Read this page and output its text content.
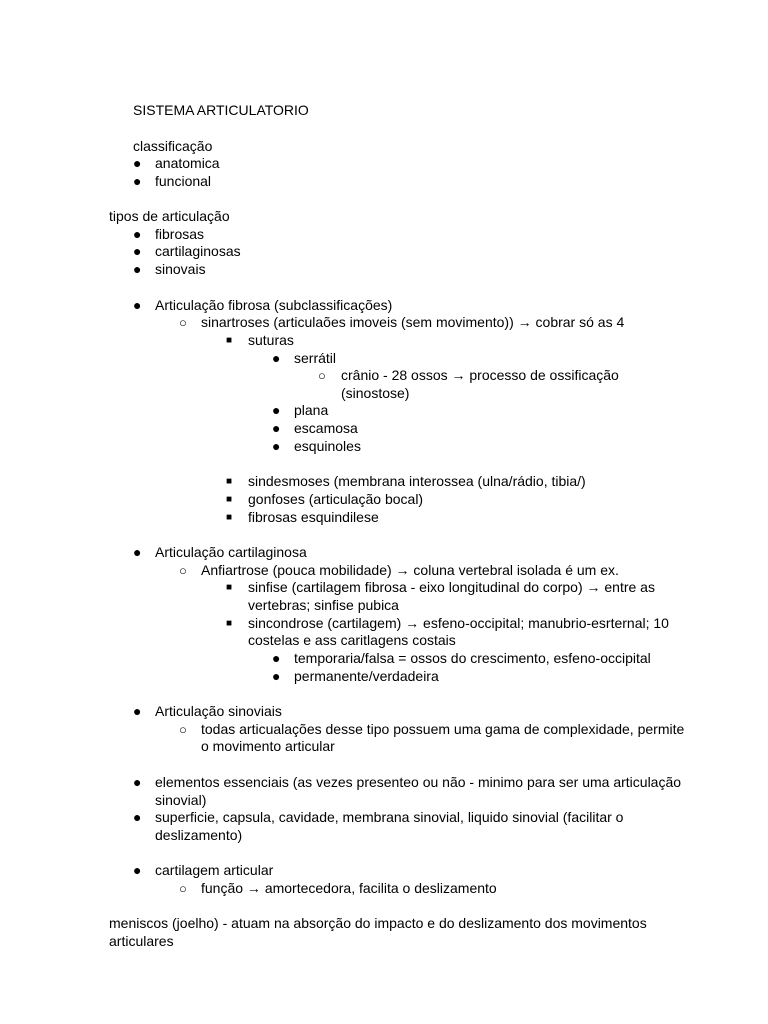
SISTEMA ARTICULATORIO
classificação
● anatomica
● funcional
tipos de articulação
● fibrosas
● cartilaginosas
● sinovais
● Articulação fibrosa (subclassificações)
○ sinartroses (articulaões imoveis (sem movimento)) → cobrar só as 4
■ suturas
● serrátil
○ crânio - 28 ossos → processo de ossificação
(sinostose)
● plana
● escamosa
● esquinoles
■ sindesmoses (membrana interossea (ulna/rádio, tibia/)
■ gonfoses (articulação bocal)
■ fibrosas esquindilese
● Articulação cartilaginosa
○ Anfiartrose (pouca mobilidade) → coluna vertebral isolada é um ex.
■ sinfise (cartilagem fibrosa - eixo longitudinal do corpo) → entre as
vertebras; sinfise pubica
■ sincondrose (cartilagem) → esfeno-occipital; manubrio-esrternal; 10
costelas e ass caritlagens costais
● temporaria/falsa = ossos do crescimento, esfeno-occipital
● permanente/verdadeira
● Articulação sinoviais
○ todas articualações desse tipo possuem uma gama de complexidade, permite
o movimento articular
● elementos essenciais (as vezes presenteo ou não - minimo para ser uma articulação
sinovial)
● superficie, capsula, cavidade, membrana sinovial, liquido sinovial (facilitar o
deslizamento)
● cartilagem articular
○ função → amortecedora, facilita o deslizamento
meniscos (joelho) - atuam na absorção do impacto e do deslizamento dos movimentos
articulares
